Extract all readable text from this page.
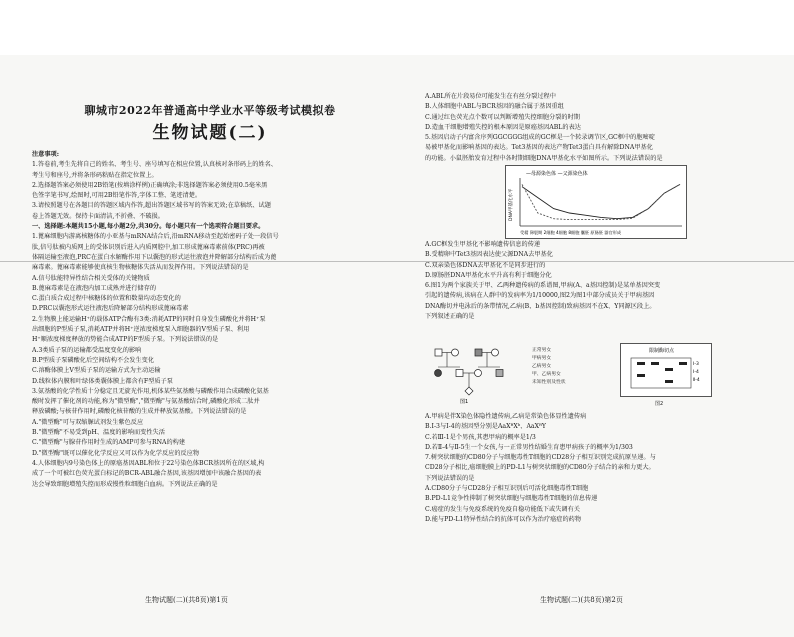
聊城市2022年普通高中学业水平等级考试模拟卷
生物试题(二)
注意事项:
1.答卷前,考生先将自己的姓名、考生号、座号填写在相应位置,认真核对条形码上的姓名、
考生号和座号,并将条形码粘贴在指定位置上。
2.选择题答案必须使用2B铅笔(按填涂样例)正确填涂;非选择题答案必须使用0.5毫米黑
色签字笔书写,绘图时,可用2B铅笔作答,字体工整、笔迹清楚。
3.请按照题号在各题目的答题区域内作答,超出答题区域书写的答案无效;在草稿纸、试题
卷上答题无效。保持卡面清洁,不折叠、不破损。
一、选择题:本题共15小题,每小题2分,共30分。每小题只有一个选项符合题目要求。
1.蓖麻细胞内游离核糖体的小亚基与mRNA结合后,沿mRNA移动至起始密码子处一段信号
肽,信号肽被内质网上的受体识别后进入内质网腔中,加工形成蓖麻毒素前体(PRC)再被
体隔运输至液泡,PRC在蛋白水解酶作用下以囊泡的形式运往液泡并降解部分结构后成为蓖
麻毒素。蓖麻毒素能够使真核生物核糖体失活从而发挥作用。下列说法错误的是
A.信号肽能特异性结合相关受体的关键物质
B.蓖麻毒素是在液泡内加工成熟并进行储存的
C.蛋白质合成过程中核糖体的位置和数量均动态变化的
D.PRC以囊泡形式运往液泡后降解部分结构形成蓖麻毒素
2.生物膜上能运输H⁺的载体ATP合酶有3类:消耗ATP的同时自身发生磷酸化并将H⁺泵
出细胞的P型质子泵,消耗ATP并将H⁺逆浓度梯度泵入细胞器的V型质子泵、利用
H⁺顺浓度梯度释放的势能合成ATP的F型质子泵。下列说法错误的是
A.3类质子泵的运输都受温度变化的影响
B.P型质子泵磷酸化后空间结构不会发生变化
C.溶酶体膜上V型质子泵的运输方式为主动运输
D.线粒体内膜和叶绿体类囊体膜上都含有F型质子泵
3.氨基酸的化学性质十分稳定且无旋光作用,机体某些氨基酸与磷酸作用合成磷酸化氨基
酸时发挥了催化剂的功能,称为"微型酶","微型酶"与氨基酸结合时,磷酸化形成二肽并
释放磷酸;与核苷作用时,磷酸化核苷酸的生成并释放氨基酸。下列说法错误的是
A."微型酶"可与双缩脲试剂发生紫色反应
B."微型酶"不易受到pH、温度的影响而变性失活
C."微型酶"与腺苷作用时生成的AMP可参与RNA的构建
D."微型酶"既可以催化化学反应又可以作为化学反应的反应物
4.人体细胞内9号染色体上的原癌基因ABL和位于22号染色体BCR基因所在的区域,构
成了一个可被红色荧光蛋白标记的BCR-ABL融合基因,该基因增加中该融合基因的表
达会导致细胞增殖失控而形成慢性粒细胞白血病。下列说法正确的是
生物试题(二)(共8页)第1页
A.ABL所在片段易位可能发生在有丝分裂过程中
B.人体细胞中ABL与BCR基因的融合属于基因重组
C.通过红色荧光点个数可以判断增殖失控细胞分裂的时期
D.造血干细胞增殖失控的根本原因是原癌基因ABL的表达
5.基因启动子内富含序列GGCGGG组成的GC框是一个转录调节区,GC框中的胞嘧啶
易被甲基化而影响基因的表达。Tet3基因的表达产物Tet3蛋白具有解除DNA甲基化
的功能。小鼠胚胎发育过程中各时期细胞DNA甲基化水平如图所示。下列说法错误的是
—母源染色体 —父源染色体
DNA甲基化水平
受精 卵裂期 2细胞 4细胞 8细胞 囊胚 原肠胚 器官形成
A.GC框发生甲基化不影响遗传信息的传递
B.受精卵中Tet3基因表达使父源DNA去甲基化
C.双亲染色体DNA去甲基化不是同步进行的
D.原肠胚DNA甲基化水平升高有利于细胞分化
6.图1为两个家族关于甲、乙两种遗传病的系谱图,甲病(A、a基因控制)是某单基因突变
引起的遗传病,该病在人群中的发病率为1/10000,图2为图1中部分成员关于甲病基因
DNA酶切并电泳后的条带情况,乙病(B、b基因控制)致病基因不在X、Y同源区段上。
下列叙述正确的是
图1
正常男女
甲病男女
乙病男女
甲、乙病男女
未知性别及性状
限制酶切点
Ⅰ-3
Ⅰ-4
Ⅱ-4
图2
A.甲病是伴X染色体隐性遗传病,乙病是常染色体显性遗传病
B.Ⅰ-3与Ⅰ-4的基因型分别是AaXᴮXᵇ、AaXᴮY
C.若Ⅲ-1是个男孩,其患甲病的概率是1/3
D.若Ⅱ-4与Ⅱ-5生一个女孩,与一正常男性结婚生育患甲病孩子的概率为1/303
7.树突状细胞的CD80分子与细胞毒性T细胞的CD28分子相互识别完成抗原呈递。与
CD28分子相比,癌细胞膜上的PD-L1与树突状细胞的CD80分子结合的亲和力更大。
下列说法错误的是
A.CD80分子与CD28分子相互识别后可活化细胞毒性T细胞
B.PD-L1竞争性抑制了树突状细胞与细胞毒性T细胞的信息传递
C.癌症的发生与免疫系统的免疫自稳功能低下或失调有关
D.能与PD-L1特异性结合的抗体可以作为治疗癌症的药物
生物试题(二)(共8页)第2页
